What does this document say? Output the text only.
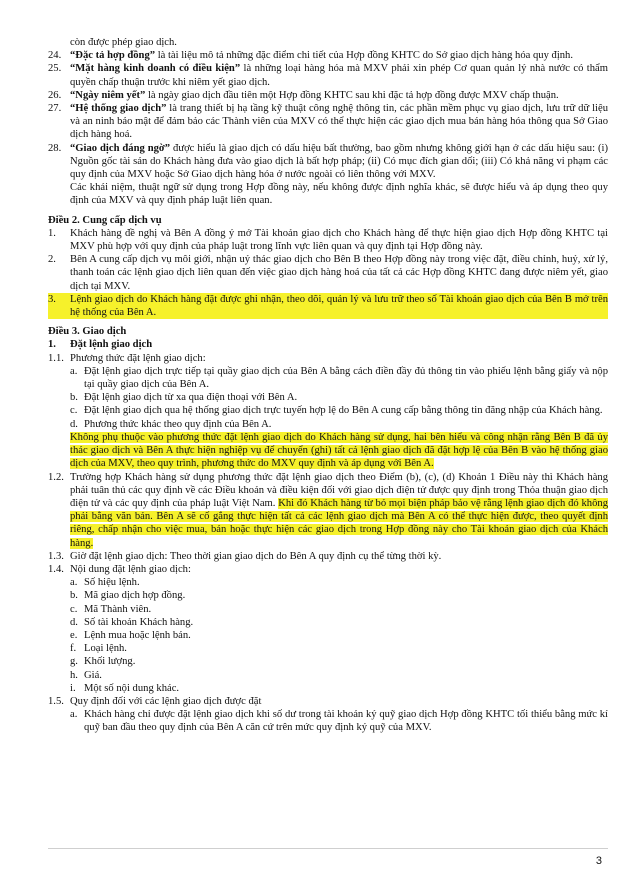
còn được phép giao dịch.

24. “Đặc tả hợp đồng” là tài liệu mô tả những đặc điểm chi tiết của Hợp đồng KHTC do Sở giao dịch hàng hóa quy định.
25. “Mặt hàng kinh doanh có điều kiện” là những loại hàng hóa mà MXV phải xin phép Cơ quan quản lý nhà nước có thẩm quyền chấp thuận trước khi niêm yết giao dịch.
26. “Ngày niêm yết” là ngày giao dịch đầu tiên một Hợp đồng KHTC sau khi đặc tả hợp đồng được MXV chấp thuận.
27. “Hệ thống giao dịch” là trang thiết bị hạ tầng kỹ thuật công nghệ thông tin, các phần mềm phục vụ giao dịch, lưu trữ dữ liệu và an ninh bảo mật để đảm bảo các Thành viên của MXV có thể thực hiện các giao dịch mua bán hàng hóa thông qua Sở Giao dịch hàng hoá.
28. “Giao dịch đáng ngờ” được hiểu là giao dịch có dấu hiệu bất thường, bao gồm nhưng không giới hạn ở các dấu hiệu sau: (i) Nguồn gốc tài sản do Khách hàng đưa vào giao dịch là bất hợp pháp; (ii) Có mục đích gian dối; (iii) Có khả năng vi phạm các quy định của MXV hoặc Sở Giao dịch hàng hóa ở nước ngoài có liên thông với MXV.

Các khái niệm, thuật ngữ sử dụng trong Hợp đồng này, nếu không được định nghĩa khác, sẽ được hiểu và áp dụng theo quy định của MXV và quy định pháp luật liên quan.

Điều 2. Cung cấp dịch vụ

1.	Khách hàng đề nghị và Bên A đồng ý mở Tài khoản giao dịch cho Khách hàng để thực hiện giao dịch Hợp đồng KHTC tại MXV phù hợp với quy định của pháp luật trong lĩnh vực liên quan và quy định tại Hợp đồng này.
2.	Bên A cung cấp dịch vụ môi giới, nhận uỷ thác giao dịch cho Bên B theo Hợp đồng này trong việc đặt, điều chỉnh, huỷ, xử lý, thanh toán các lệnh giao dịch liên quan đến việc giao dịch hàng hoá của tất cả các Hợp đồng KHTC đang được niêm yết, giao dịch tại MXV.
3.	Lệnh giao dịch do Khách hàng đặt được ghi nhận, theo dõi, quản lý và lưu trữ theo số Tài khoản giao dịch của Bên B mở trên hệ thống của Bên A.

Điều 3. Giao dịch

1.	Đặt lệnh giao dịch
1.1. Phương thức đặt lệnh giao dịch:
a. Đặt lệnh giao dịch trực tiếp tại quầy giao dịch của Bên A bằng cách điền đầy đủ thông tin vào phiếu lệnh bằng giấy và nộp tại quầy giao dịch của Bên A.
b. Đặt lệnh giao dịch từ xa qua điện thoại với Bên A.
c. Đặt lệnh giao dịch qua hệ thống giao dịch trực tuyến hợp lệ do Bên A cung cấp bằng thông tin đăng nhập của Khách hàng.
d. Phương thức khác theo quy định của Bên A.

Không phụ thuộc vào phương thức đặt lệnh giao dịch do Khách hàng sử dụng, hai bên hiểu và công nhận rằng Bên B đã ủy thác giao dịch và Bên A thực hiện nghiệp vụ để chuyển (ghi) tất cả lệnh giao dịch đã đặt hợp lệ của Bên B vào hệ thống giao dịch của MXV, theo quy trình, phương thức do MXV quy định và áp dụng với Bên A.

1.2. Trường hợp Khách hàng sử dụng phương thức đặt lệnh giao dịch theo Điểm (b), (c), (d) Khoản 1 Điều này thì Khách hàng phải tuân thủ các quy định về các Điều khoản và điều kiện đối với giao dịch điện tử được quy định trong Thỏa thuận giao dịch điện tử và các quy định của pháp luật Việt Nam. Khi đó Khách hàng từ bỏ mọi biện pháp bảo vệ rằng lệnh giao dịch đó không phải bằng văn bản. Bên A sẽ cố gắng thực hiện tất cả các lệnh giao dịch mà Bên A có thể thực hiện được, theo quyết định riêng, chấp nhận cho việc mua, bán hoặc thực hiện các giao dịch trong Hợp đồng này cho Tài khoản giao dịch của Khách hàng.
1.3. Giờ đặt lệnh giao dịch: Theo thời gian giao dịch do Bên A quy định cụ thể từng thời kỳ.
1.4. Nội dung đặt lệnh giao dịch:
a. Số hiệu lệnh.
b. Mã giao dịch hợp đồng.
c. Mã Thành viên.
d. Số tài khoản Khách hàng.
e. Lệnh mua hoặc lệnh bán.
f. Loại lệnh.
g. Khối lượng.
h. Giá.
i. Một số nội dung khác.
1.5. Quy định đối với các lệnh giao dịch được đặt
a. Khách hàng chỉ được đặt lệnh giao dịch khi số dư trong tài khoản ký quỹ giao dịch Hợp đồng KHTC tối thiểu bằng mức kí quỹ ban đầu theo quy định của Bên A căn cứ trên mức quy định ký quỹ của MXV.
3
